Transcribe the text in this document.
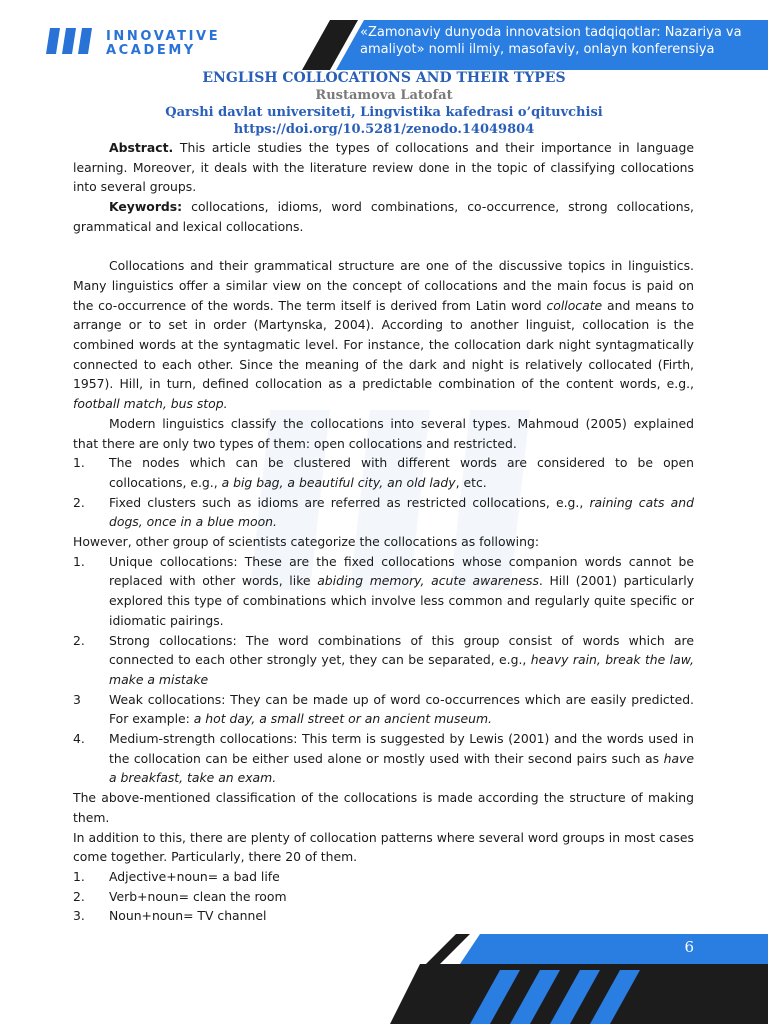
INNOVATIVE
ACADEMY
«Zamonaviy dunyoda innovatsion tadqiqotlar: Nazariya va amaliyot» nomli ilmiy, masofaviy, onlayn konferensiya
ENGLISH COLLOCATIONS AND THEIR TYPES
Rustamova Latofat
Qarshi davlat universiteti, Lingvistika kafedrasi o’qituvchisi
https://doi.org/10.5281/zenodo.14049804

Abstract. This article studies the types of collocations and their importance in language learning. Moreover, it deals with the literature review done in the topic of classifying collocations into several groups.

Keywords: collocations, idioms, word combinations, co-occurrence, strong collocations, grammatical and lexical collocations.

Collocations and their grammatical structure are one of the discussive topics in linguistics. Many linguistics offer a similar view on the concept of collocations and the main focus is paid on the co-occurrence of the words. The term itself is derived from Latin word collocate and means to arrange or to set in order (Martynska, 2004). According to another linguist, collocation is the combined words at the syntagmatic level. For instance, the collocation dark night syntagmatically connected to each other. Since the meaning of the dark and night is relatively collocated (Firth, 1957). Hill, in turn, defined collocation as a predictable combination of the content words, e.g., football match, bus stop.

Modern linguistics classify the collocations into several types. Mahmoud (2005) explained that there are only two types of them: open collocations and restricted.

1.	The nodes which can be clustered with different words are considered to be open collocations, e.g., a big bag, a beautiful city, an old lady, etc.
2.	Fixed clusters such as idioms are referred as restricted collocations, e.g., raining cats and dogs, once in a blue moon.

However, other group of scientists categorize the collocations as following:

1.	Unique collocations: These are the fixed collocations whose companion words cannot be replaced with other words, like abiding memory, acute awareness. Hill (2001) particularly explored this type of combinations which involve less common and regularly quite specific or idiomatic pairings.
2.	Strong collocations: The word combinations of this group consist of words which are connected to each other strongly yet, they can be separated, e.g., heavy rain, break the law, make a mistake
3	Weak collocations: They can be made up of word co-occurrences which are easily predicted. For example: a hot day, a small street or an ancient museum.
4.	Medium-strength collocations: This term is suggested by Lewis (2001) and the words used in the collocation can be either used alone or mostly used with their second pairs such as have a breakfast, take an exam.

The above-mentioned classification of the collocations is made according the structure of making them.

In addition to this, there are plenty of collocation patterns where several word groups in most cases come together. Particularly, there 20 of them.

1.	Adjective+noun= a bad life
2.	Verb+noun= clean the room
3.	Noun+noun= TV channel
6
